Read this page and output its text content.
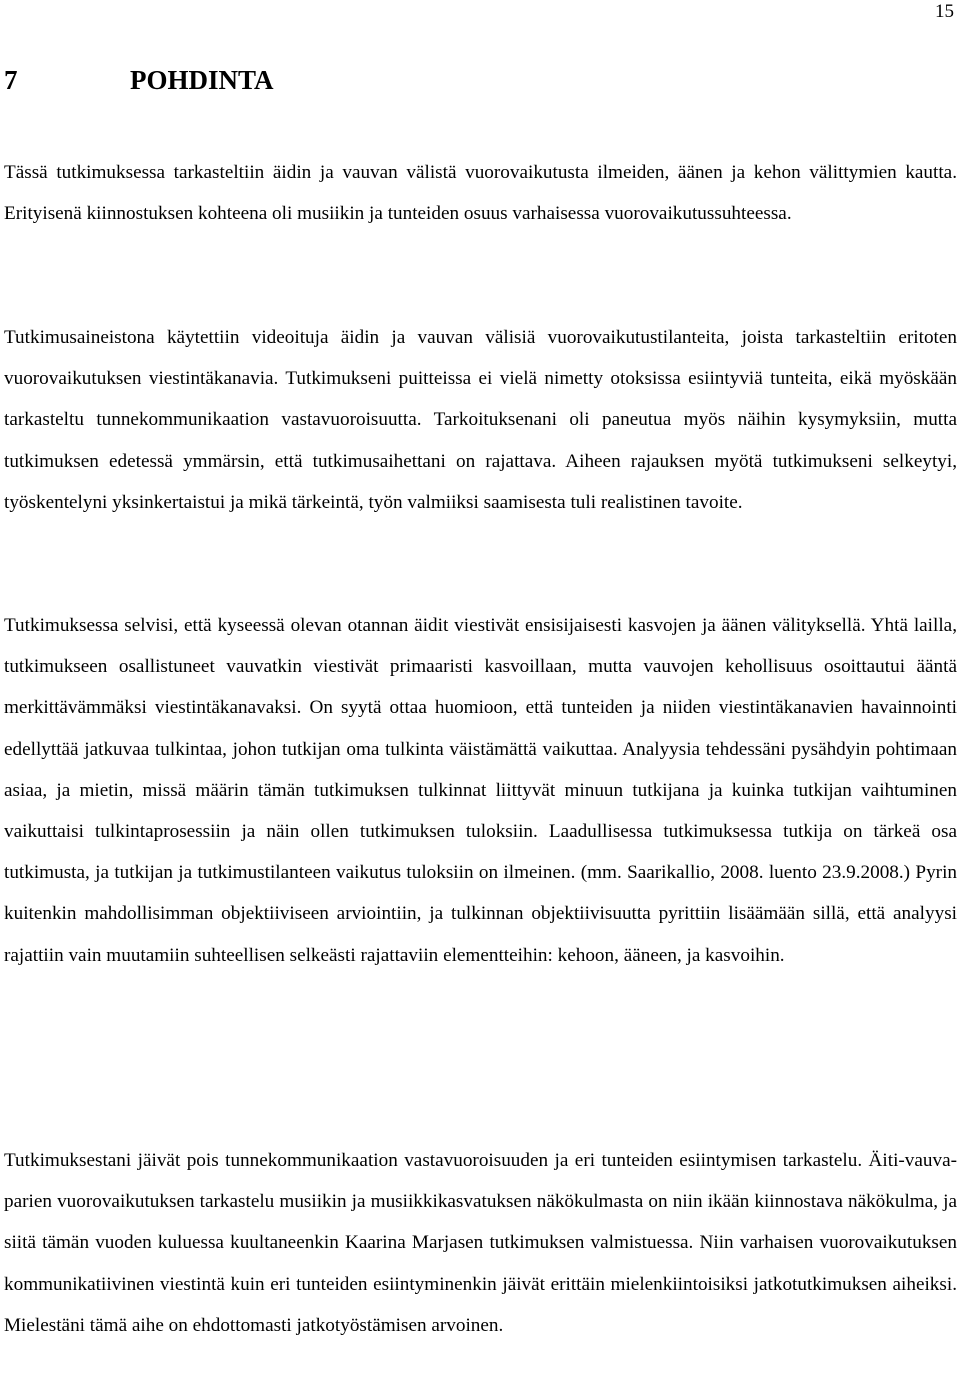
15
7	POHDINTA

Tässä tutkimuksessa tarkasteltiin äidin ja vauvan välistä vuorovaikutusta ilmeiden, äänen ja kehon välittymien kautta. Erityisenä kiinnostuksen kohteena oli musiikin ja tunteiden osuus varhaisessa vuorovaikutussuhteessa.

Tutkimusaineistona käytettiin videoituja äidin ja vauvan välisiä vuorovaikutustilanteita, joista tarkasteltiin eritoten vuorovaikutuksen viestintäkanavia. Tutkimukseni puitteissa ei vielä nimetty otoksissa esiintyviä tunteita, eikä myöskään tarkasteltu tunnekommunikaation vastavuoroisuutta. Tarkoituksenani oli paneutua myös näihin kysymyksiin, mutta tutkimuksen edetessä ymmärsin, että tutkimusaihettani on rajattava. Aiheen rajauksen myötä tutkimukseni selkeytyi, työskentelyni yksinkertaistui ja mikä tärkeintä, työn valmiiksi saamisesta tuli realistinen tavoite.

Tutkimuksessa selvisi, että kyseessä olevan otannan äidit viestivät ensisijaisesti kasvojen ja äänen välityksellä. Yhtä lailla, tutkimukseen osallistuneet vauvatkin viestivät primaaristi kasvoillaan, mutta vauvojen kehollisuus osoittautui ääntä merkittävämmäksi viestintäkanavaksi. On syytä ottaa huomioon, että tunteiden ja niiden viestintäkanavien havainnointi edellyttää jatkuvaa tulkintaa, johon tutkijan oma tulkinta väistämättä vaikuttaa. Analyysia tehdessäni pysähdyin pohtimaan asiaa, ja mietin, missä määrin tämän tutkimuksen tulkinnat liittyvät minuun tutkijana ja kuinka tutkijan vaihtuminen vaikuttaisi tulkintaprosessiin ja näin ollen tutkimuksen tuloksiin. Laadullisessa tutkimuksessa tutkija on tärkeä osa tutkimusta, ja tutkijan ja tutkimustilanteen vaikutus tuloksiin on ilmeinen. (mm. Saarikallio, 2008. luento 23.9.2008.) Pyrin kuitenkin mahdollisimman objektiiviseen arviointiin, ja tulkinnan objektiivisuutta pyrittiin lisäämään sillä, että analyysi rajattiin vain muutamiin suhteellisen selkeästi rajattaviin elementteihin: kehoon, ääneen, ja kasvoihin.

Tutkimuksestani jäivät pois tunnekommunikaation vastavuoroisuuden ja eri tunteiden esiintymisen tarkastelu. Äiti-vauva-parien vuorovaikutuksen tarkastelu musiikin ja musiikkikasvatuksen näkökulmasta on niin ikään kiinnostava näkökulma, ja siitä tämän vuoden kuluessa kuultaneenkin Kaarina Marjasen tutkimuksen valmistuessa. Niin varhaisen vuorovaikutuksen kommunikatiivinen viestintä kuin eri tunteiden esiintyminenkin jäivät erittäin mielenkiintoisiksi jatkotutkimuksen aiheiksi. Mielestäni tämä aihe on ehdottomasti jatkotyöstämisen arvoinen.
